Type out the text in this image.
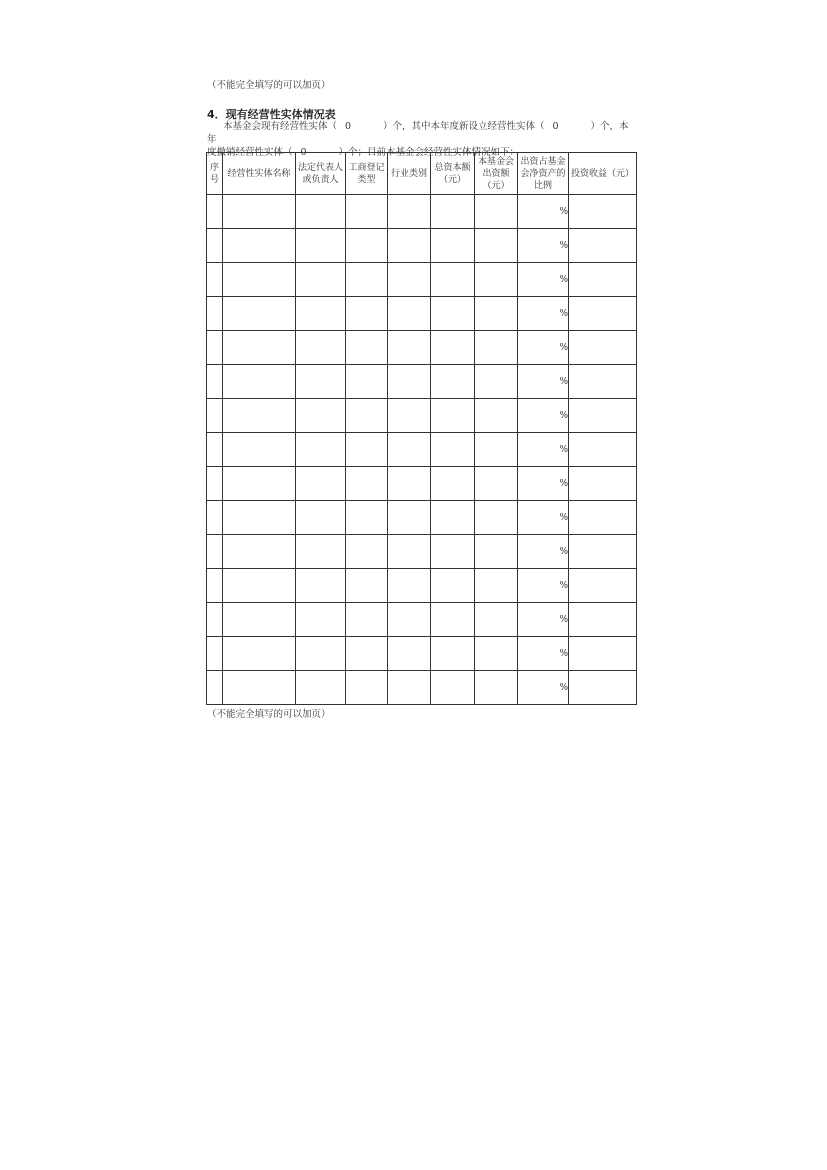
（不能完全填写的可以加页）
4．现有经营性实体情况表
本基金会现有经营性实体（ 0	）个，其中本年度新设立经营性实体（ 0	）个，本年
度撤销经营性实体（ 0	）个；目前本基金会经营性实体情况如下：
序号	经营性实体名称	法定代表人或负责人	工商登记类型	行业类别	总资本额（元）	本基金会出资额（元）	出资占基金会净资产的比例	投资收益（元）
							%	
							%	
							%	
							%	
							%	
							%	
							%	
							%	
							%	
							%	
							%	
							%	
							%	
							%	
							%	
（不能完全填写的可以加页）
